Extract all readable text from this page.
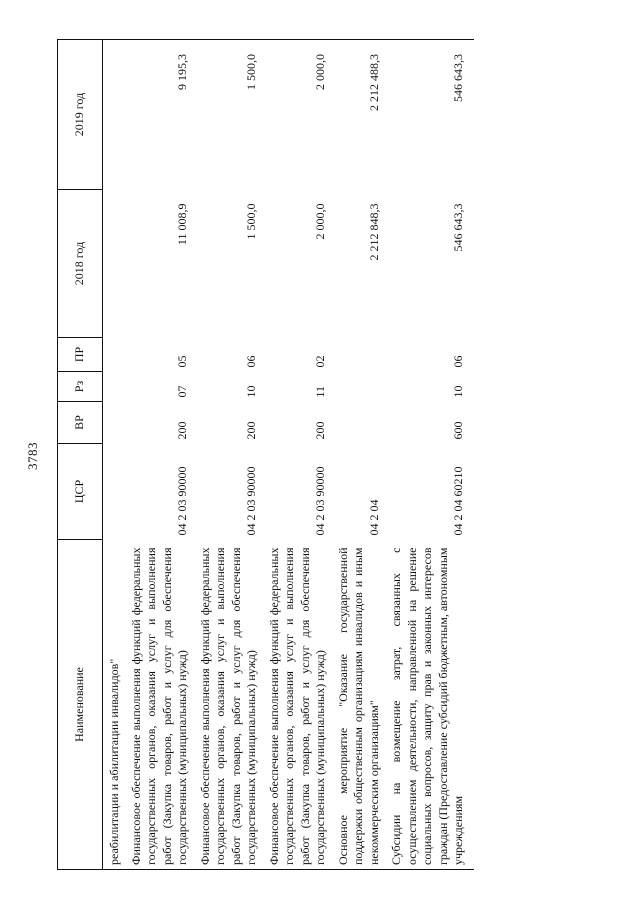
3783
Наименование	ЦСР	ВР	Рз	ПР	2018 год	2019 год
реабилитации и абилитации инвалидов"						
Финансовое обеспечение выполнения функций федеральных государственных органов, оказания услуг и выполнения работ (Закупка товаров, работ и услуг для обеспечения государственных (муниципальных) нужд)	04 2 03 90000	200	07	05	11 008,9	9 195,3
Финансовое обеспечение выполнения функций федеральных государственных органов, оказания услуг и выполнения работ (Закупка товаров, работ и услуг для обеспечения государственных (муниципальных) нужд)	04 2 03 90000	200	10	06	1 500,0	1 500,0
Финансовое обеспечение выполнения функций федеральных государственных органов, оказания услуг и выполнения работ (Закупка товаров, работ и услуг для обеспечения государственных (муниципальных) нужд)	04 2 03 90000	200	11	02	2 000,0	2 000,0
Основное мероприятие "Оказание государственной поддержки общественным организациям инвалидов и иным некоммерческим организациям"	04 2 04				2 212 848,3	2 212 488,3
Субсидии на возмещение затрат, связанных с осуществлением деятельности, направленной на решение социальных вопросов, защиту прав и законных интересов граждан (Предоставление субсидий бюджетным, автономным учреждениям	04 2 04 60210	600	10	06	546 643,3	546 643,3
